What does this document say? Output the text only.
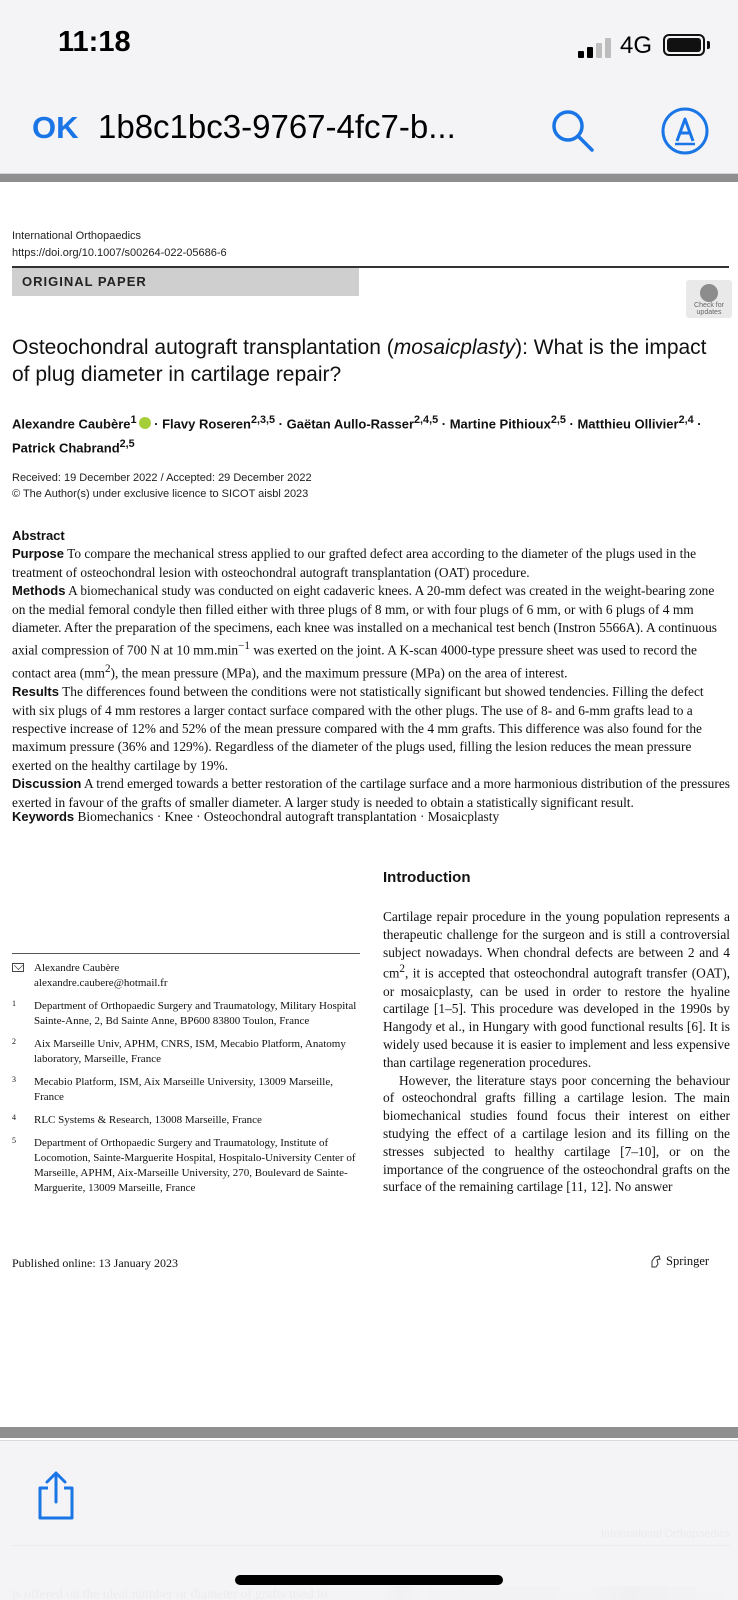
11:18	4G
OK 1b8c1bc3-9767-4fc7-b...
International Orthopaedics
https://doi.org/10.1007/s00264-022-05686-6
ORIGINAL PAPER
Check for updates
Osteochondral autograft transplantation (mosaicplasty): What is the impact of plug diameter in cartilage repair?
Alexandre Caubère$^1$ · Flavy Roseren$^{2,3,5}$ · Gaëtan Aullo-Rasser$^{2,4,5}$ · Martine Pithioux$^{2,5}$ · Matthieu Ollivier$^{2,4}$ ·
Patrick Chabrand$^{2,5}$
Received: 19 December 2022 / Accepted: 29 December 2022
© The Author(s) under exclusive licence to SICOT aisbl 2023

Abstract

Purpose To compare the mechanical stress applied to our grafted defect area according to the diameter of the plugs used in the treatment of osteochondral lesion with osteochondral autograft transplantation (OAT) procedure.

Methods A biomechanical study was conducted on eight cadaveric knees. A 20-mm defect was created in the weight-bearing zone on the medial femoral condyle then filled either with three plugs of 8 mm, or with four plugs of 6 mm, or with 6 plugs of 4 mm diameter. After the preparation of the specimens, each knee was installed on a mechanical test bench (Instron 5566A). A continuous axial compression of 700 N at 10 $mm.\min^{-1}$ was exerted on the joint. A K-scan 4000-type pressure sheet was used to record the contact area $(mm^2)$, the mean pressure (MPa), and the maximum pressure (MPa) on the area of interest.

Results The differences found between the conditions were not statistically significant but showed tendencies. Filling the defect with six plugs of 4 mm restores a larger contact surface compared with the other plugs. The use of 8- and 6-mm grafts lead to a respective increase of 12% and 52% of the mean pressure compared with the 4 mm grafts. This difference was also found for the maximum pressure (36% and 129%). Regardless of the diameter of the plugs used, filling the lesion reduces the mean pressure exerted on the healthy cartilage by 19%.

Discussion A trend emerged towards a better restoration of the cartilage surface and a more harmonious distribution of the pressures exerted in favour of the grafts of smaller diameter. A larger study is needed to obtain a statistically significant result.

Keywords Biomechanics · Knee · Osteochondral autograft transplantation · Mosaicplasty
Introduction

Cartilage repair procedure in the young population represents a therapeutic challenge for the surgeon and is still a controversial subject nowadays. When chondral defects are between 2 and 4 $cm^2$, it is accepted that osteochondral autograft transfer (OAT), or mosaicplasty, can be used in order to restore the hyaline cartilage [1–5]. This procedure was developed in the 1990s by Hangody et al., in Hungary with good functional results [6]. It is widely used because it is easier to implement and less expensive than cartilage regeneration procedures.

However, the literature stays poor concerning the behaviour of osteochondral grafts filling a cartilage lesion. The main biomechanical studies found focus their interest on either studying the effect of a cartilage lesion and its filling on the stresses subjected to healthy cartilage [7–10], or on the importance of the congruence of the osteochondral grafts on the surface of the remaining cartilage [11, 12]. No answer

Alexandre Caubère
alexandre.caubere@hotmail.fr
1 Department of Orthopaedic Surgery and Traumatology, Military Hospital Sainte-Anne, 2, Bd Sainte Anne, BP600 83800 Toulon, France
2 Aix Marseille Univ, APHM, CNRS, ISM, Mecabio Platform, Anatomy laboratory, Marseille, France
3 Mecabio Platform, ISM, Aix Marseille University, 13009 Marseille, France
4 RLC Systems & Research, 13008 Marseille, France
5 Department of Orthopaedic Surgery and Traumatology, Institute of Locomotion, Sainte-Marguerite Hospital, Hospitalo-University Center of Marseille, APHM, Aix-Marseille University, 270, Boulevard de Sainte-Marguerite, 13009 Marseille, France
Published online: 13 January 2023	Springer
